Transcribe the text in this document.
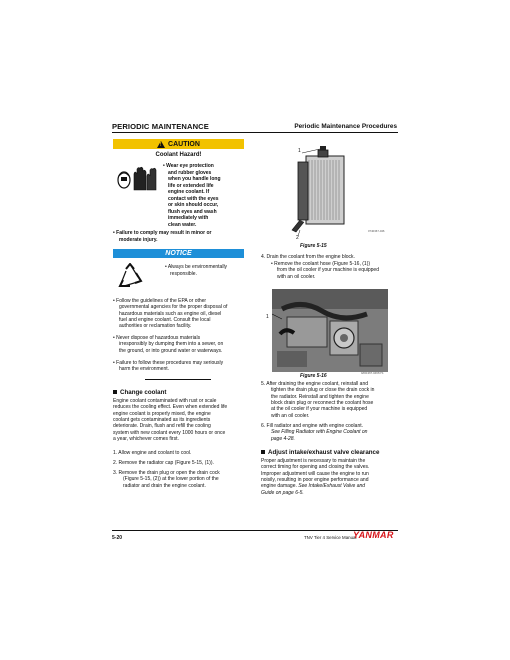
PERIODIC MAINTENANCE	Periodic Maintenance Procedures
!
CAUTION
Coolant Hazard!
• Wear eye protection
and rubber gloves
when you handle long
life or extended life
engine coolant. If
contact with the eyes
or skin should occur,
flush eyes and wash
immediately with
clean water.
• Failure to comply may result in minor or
moderate injury.
NOTICE
• Always be environmentally
responsible.
• Follow the guidelines of the EPA or other
governmental agencies for the proper disposal of
hazardous materials such as engine oil, diesel
fuel and engine coolant. Consult the local
authorities or reclamation facility.
• Never dispose of hazardous materials
irresponsibly by dumping them into a sewer, on
the ground, or into ground water or waterways.
• Failure to follow these procedures may seriously
harm the environment.
Change coolant
Engine coolant contaminated with rust or scale
reduces the cooling effect. Even when extended life
engine coolant is properly mixed, the engine
coolant gets contaminated as its ingredients
deteriorate. Drain, flush and refill the cooling
system with new coolant every 1000 hours or once
a year, whichever comes first.
1. Allow engine and coolant to cool.
2. Remove the radiator cap (Figure 5-15, (1)).
3. Remove the drain plug or open the drain cock
(Figure 5-15, (2)) at the lower portion of the
radiator and drain the engine coolant.
1
2
0740367-046
Figure 5-15
4. Drain the coolant from the engine block.
• Remove the coolant hose (Figure 5-16, (1))
from the oil cooler if your machine is equipped
with an oil cooler.
1
0A51367-046SYS
Figure 5-16
5. After draining the engine coolant, reinstall and
tighten the drain plug or close the drain cock in
the radiator. Reinstall and tighten the engine
block drain plug or reconnect the coolant hose
at the oil cooler if your machine is equipped
with an oil cooler.
6. Fill radiator and engine with engine coolant.
See Filling Radiator with Engine Coolant on
page 4-28.
Adjust intake/exhaust valve clearance
Proper adjustment is necessary to maintain the
correct timing for opening and closing the valves.
Improper adjustment will cause the engine to run
noisily, resulting in poor engine performance and
engine damage. See Intake/Exhaust Valve and
Guide on page 6-5.
5-20	TNV Tier 4 Service Manual
YANMAR
